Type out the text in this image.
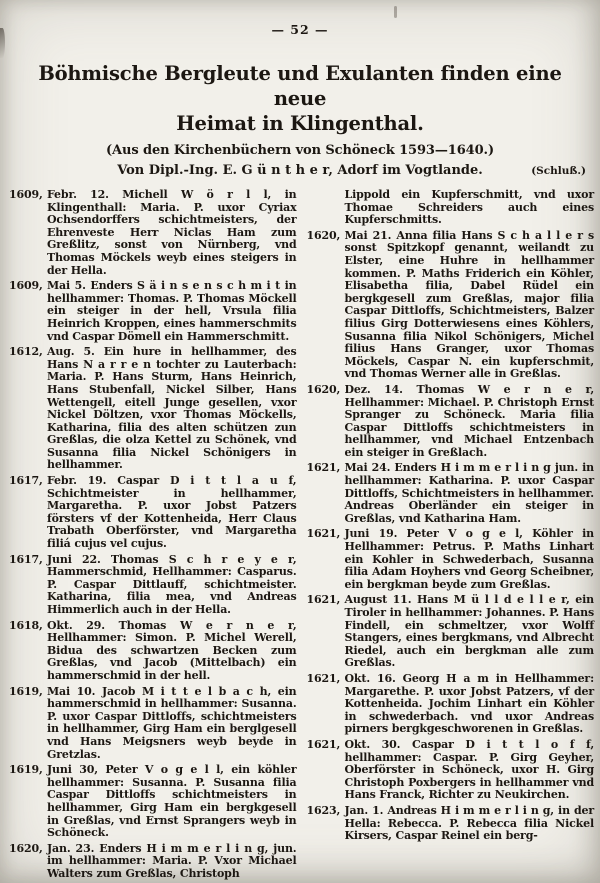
— 52 —
Böhmische Bergleute und Exulanten finden eine neue
Heimat in Klingenthal.
(Aus den Kirchenbüchern von Schöneck 1593—1640.)
Von Dipl.-Ing. E. G ü n t h e r, Adorf im Vogtlande.	(Schluß.)

1609, Febr. 12. Michell W ö r l l, in Klingenthall: Maria. P. uxor Cyriax Ochsendorffers schichtmeisters, der Ehrenveste Herr Niclas Ham zum Greßlitz, sonst von Nürnberg, vnd Thomas Möckels weyb eines steigers in der Hella.

1609, Mai 5. Enders S ä i n s e n s c h m i t in hellhammer: Thomas. P. Thomas Möckell ein steiger in der hell, Vrsula filia Heinrich Kroppen, eines hammerschmits vnd Caspar Dömell ein Hammerschmitt.

1612, Aug. 5. Ein hure in hellhammer, des Hans N a r r e n tochter zu Lauterbach: Maria. P. Hans Sturm, Hans Heinrich, Hans Stubenfall, Nickel Silber, Hans Wettengell, eitell Junge gesellen, vxor Nickel Döltzen, vxor Thomas Möckells, Katharina, filia des alten schützen zun Greßlas, die olza Kettel zu Schönek, vnd Susanna filia Nickel Schönigers in hellhammer.

1617, Febr. 19. Caspar D i t t l a u f, Schichtmeister in hellhammer, Margaretha. P. uxor Jobst Patzers försters vf der Kottenheida, Herr Claus Trabath Oberförster, vnd Margaretha filiá cujus vel cujus.

1617, Juni 22. Thomas S c h r e y e r, Hammerschmid, Hellhammer: Casparus. P. Caspar Dittlauff, schichtmeister. Katharina, filia mea, vnd Andreas Himmerlich auch in der Hella.

1618, Okt. 29. Thomas W e r n e r, Hellhammer: Simon. P. Michel Werell, Bidua des schwartzen Becken zum Greßlas, vnd Jacob (Mittelbach) ein hammerschmid in der hell.

1619, Mai 10. Jacob M i t t e l b a c h, ein hammerschmid in hellhammer: Susanna. P. uxor Caspar Dittloffs, schichtmeisters in hellhammer, Girg Ham ein berglgesell vnd Hans Meigsners weyb beyde in Gretzlas.

1619, Juni 30, Peter V o g e l l, ein köhler hellhammer: Susanna. P. Susanna filia Caspar Dittloffs schichtmeisters in hellhammer, Girg Ham ein bergkgesell in Greßlas, vnd Ernst Sprangers weyb in Schöneck.

1620, Jan. 23. Enders H i m m e r l i n g, jun. im hellhammer: Maria. P. Vxor Michael Walters zum Greßlas, Christoph

Lippold ein Kupferschmitt, vnd uxor Thomae Schreiders auch eines Kupferschmitts.

1620, Mai 21. Anna filia Hans S c h a l l e r s sonst Spitzkopf genannt, weilandt zu Elster, eine Huhre in hellhammer kommen. P. Maths Friderich ein Köhler, Elisabetha filia, Dabel Rüdel ein bergkgesell zum Greßlas, major filia Caspar Dittloffs, Schichtmeisters, Balzer filius Girg Dotterwiesens eines Köhlers, Susanna filia Nikol Schönigers, Michel filius Hans Granger, uxor Thomas Möckels, Caspar N. ein kupferschmit, vnd Thomas Werner alle in Greßlas.

1620, Dez. 14. Thomas W e r n e r, Hellhammer: Michael. P. Christoph Ernst Spranger zu Schöneck. Maria filia Caspar Dittloffs schichtmeisters in hellhammer, vnd Michael Entzenbach ein steiger in Greßlach.

1621, Mai 24. Enders H i m m e r l i n g jun. in hellhammer: Katharina. P. uxor Caspar Dittloffs, Schichtmeisters in hellhammer. Andreas Oberländer ein steiger in Greßlas, vnd Katharina Ham.

1621, Juni 19. Peter V o g e l, Köhler in Hellhammer: Petrus. P. Maths Linhart ein Kohler in Schwederbach, Susanna filia Adam Hoyhers vnd Georg Scheibner, ein bergkman beyde zum Greßlas.

1621, August 11. Hans M ü l l d e l l e r, ein Tiroler in hellhammer: Johannes. P. Hans Findell, ein schmeltzer, vxor Wolff Stangers, eines bergkmans, vnd Albrecht Riedel, auch ein bergkman alle zum Greßlas.

1621, Okt. 16. Georg H a m in Hellhammer: Margarethe. P. uxor Jobst Patzers, vf der Kottenheida. Jochim Linhart ein Köhler in schwederbach. vnd uxor Andreas pirners bergkgeschworenen in Greßlas.

1621, Okt. 30. Caspar D i t t l o f f, hellhammer: Caspar. P. Girg Geyher, Oberförster in Schöneck, uxor H. Girg Christoph Poxbergers in hellhammer vnd Hans Franck, Richter zu Neukirchen.

1623, Jan. 1. Andreas H i m m e r l i n g, in der Hella: Rebecca. P. Rebecca filia Nickel Kirsers, Caspar Reinel ein berg-
